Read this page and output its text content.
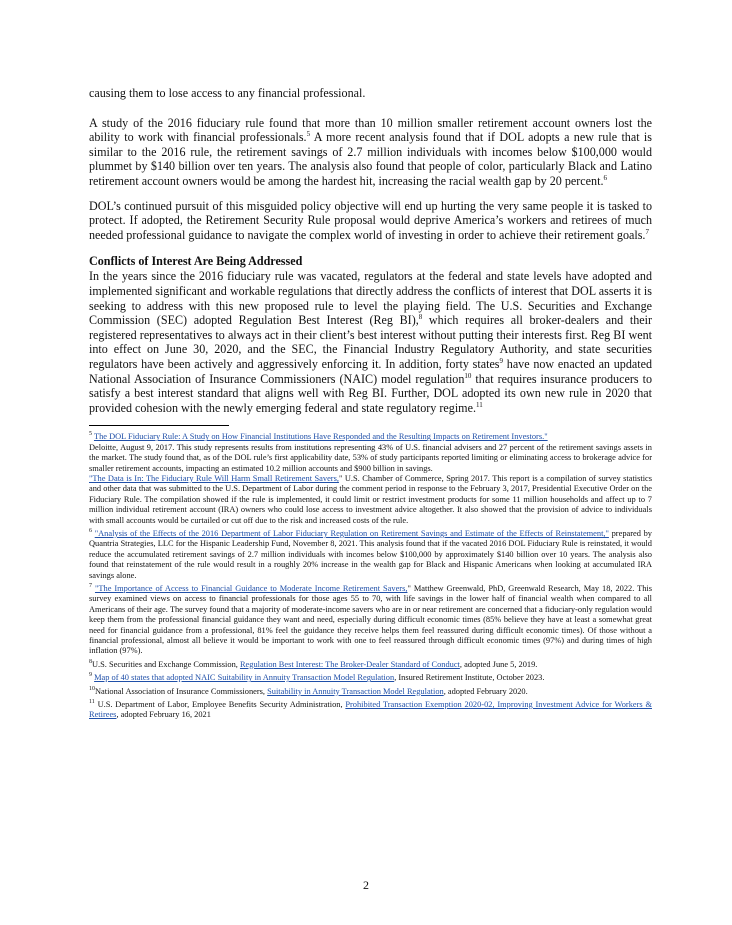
causing them to lose access to any financial professional.

A study of the 2016 fiduciary rule found that more than 10 million smaller retirement account owners lost the ability to work with financial professionals.$^5$ A more recent analysis found that if DOL adopts a new rule that is similar to the 2016 rule, the retirement savings of 2.7 million individuals with incomes below $100,000 would plummet by $140 billion over ten years. The analysis also found that people of color, particularly Black and Latino retirement account owners would be among the hardest hit, increasing the racial wealth gap by 20 percent.$^6$

DOL’s continued pursuit of this misguided policy objective will end up hurting the very same people it is tasked to protect. If adopted, the Retirement Security Rule proposal would deprive America’s workers and retirees of much needed professional guidance to navigate the complex world of investing in order to achieve their retirement goals.$^7$

Conflicts of Interest Are Being Addressed

In the years since the 2016 fiduciary rule was vacated, regulators at the federal and state levels have adopted and implemented significant and workable regulations that directly address the conflicts of interest that DOL asserts it is seeking to address with this new proposed rule to level the playing field. The U.S. Securities and Exchange Commission (SEC) adopted Regulation Best Interest (Reg BI),$^8$ which requires all broker-dealers and their registered representatives to always act in their client’s best interest without putting their interests first. Reg BI went into effect on June 30, 2020, and the SEC, the Financial Industry Regulatory Authority, and state securities regulators have been actively and aggressively enforcing it. In addition, forty states$^9$ have now enacted an updated National Association of Insurance Commissioners (NAIC) model regulation$^{10}$ that requires insurance producers to satisfy a best interest standard that aligns well with Reg BI. Further, DOL adopted its own new rule in 2020 that provided cohesion with the newly emerging federal and state regulatory regime.$^{11}$

$^5$ The DOL Fiduciary Rule: A Study on How Financial Institutions Have Responded and the Resulting Impacts on Retirement Investors."
Deloitte, August 9, 2017. This study represents results from institutions representing 43% of U.S. financial advisers and 27 percent of the retirement savings assets in the market. The study found that, as of the DOL rule’s first applicability date, 53% of study participants reported limiting or eliminating access to brokerage advice for smaller retirement accounts, impacting an estimated 10.2 million accounts and $900 billion in savings.
"The Data is In: The Fiduciary Rule Will Harm Small Retirement Savers," U.S. Chamber of Commerce, Spring 2017. This report is a compilation of survey statistics and other data that was submitted to the U.S. Department of Labor during the comment period in response to the February 3, 2017, Presidential Executive Order on the Fiduciary Rule. The compilation showed if the rule is implemented, it could limit or restrict investment products for some 11 million households and affect up to 7 million individual retirement account (IRA) owners who could lose access to investment advice altogether. It also showed that the provision of advice to individuals with small accounts would be curtailed or cut off due to the risk and increased costs of the rule.

$^6$ "Analysis of the Effects of the 2016 Department of Labor Fiduciary Regulation on Retirement Savings and Estimate of the Effects of Reinstatement," prepared by Quantria Strategies, LLC for the Hispanic Leadership Fund, November 8, 2021. This analysis found that if the vacated 2016 DOL Fiduciary Rule is reinstated, it would reduce the accumulated retirement savings of 2.7 million individuals with incomes below $100,000 by approximately $140 billion over 10 years. The analysis also found that reinstatement of the rule would result in a roughly 20% increase in the wealth gap for Black and Hispanic Americans when looking at accumulated IRA savings alone.

$^7$ "The Importance of Access to Financial Guidance to Moderate Income Retirement Savers," Matthew Greenwald, PhD, Greenwald Research, May 18, 2022. This survey examined views on access to financial professionals for those ages 55 to 70, with life savings in the lower half of financial wealth when compared to all Americans of their age. The survey found that a majority of moderate-income savers who are in or near retirement are concerned that a fiduciary-only regulation would keep them from the professional financial guidance they want and need, especially during difficult economic times (85% believe they have at least a somewhat great need for financial guidance from a professional, 81% feel the guidance they receive helps them feel reassured during difficult economic times). Of those without a financial professional, almost all believe it would be important to work with one to feel reassured through difficult economic times (97%) and during times of high inflation (97%).

$^8$U.S. Securities and Exchange Commission, Regulation Best Interest: The Broker-Dealer Standard of Conduct, adopted June 5, 2019.

$^9$ Map of 40 states that adopted NAIC Suitability in Annuity Transaction Model Regulation, Insured Retirement Institute, October 2023.

$^{10}$National Association of Insurance Commissioners, Suitability in Annuity Transaction Model Regulation, adopted February 2020.

$^{11}$ U.S. Department of Labor, Employee Benefits Security Administration, Prohibited Transaction Exemption 2020-02, Improving Investment Advice for Workers & Retirees, adopted February 16, 2021

2
